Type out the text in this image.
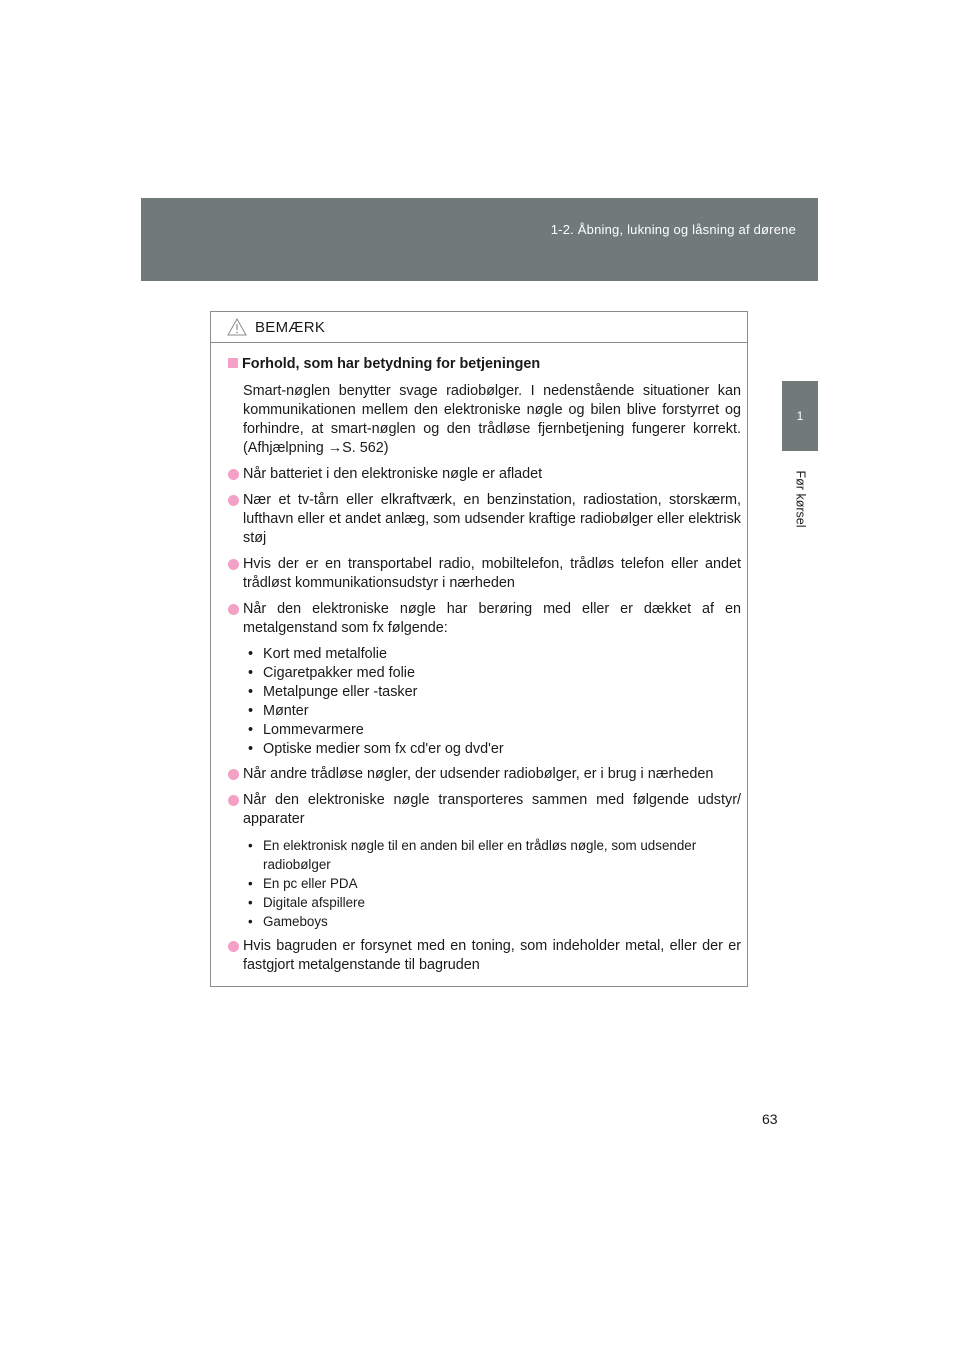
1-2. Åbning, lukning og låsning af dørene
1
Før kørsel
BEMÆRK
Forhold, som har betydning for betjeningen
Smart-nøglen benytter svage radiobølger. I nedenstående situationer kan kommunikationen mellem den elektroniske nøgle og bilen blive forstyrret og forhindre, at smart-nøglen og den trådløse fjernbetjening fungerer korrekt. (Afhjælpning →S. 562)
Når batteriet i den elektroniske nøgle er afladet
Nær et tv-tårn eller elkraftværk, en benzinstation, radiostation, storskærm, lufthavn eller et andet anlæg, som udsender kraftige radiobølger eller elektrisk støj
Hvis der er en transportabel radio, mobiltelefon, trådløs telefon eller andet trådløst kommunikationsudstyr i nærheden
Når den elektroniske nøgle har berøring med eller er dækket af en metalgenstand som fx følgende:
• Kort med metalfolie
• Cigaretpakker med folie
• Metalpunge eller -tasker
• Mønter
• Lommevarmere
• Optiske medier som fx cd'er og dvd'er
Når andre trådløse nøgler, der udsender radiobølger, er i brug i nærheden
Når den elektroniske nøgle transporteres sammen med følgende udstyr/ apparater
• En elektronisk nøgle til en anden bil eller en trådløs nøgle, som udsender radiobølger
• En pc eller PDA
• Digitale afspillere
• Gameboys
Hvis bagruden er forsynet med en toning, som indeholder metal, eller der er fastgjort metalgenstande til bagruden
63
